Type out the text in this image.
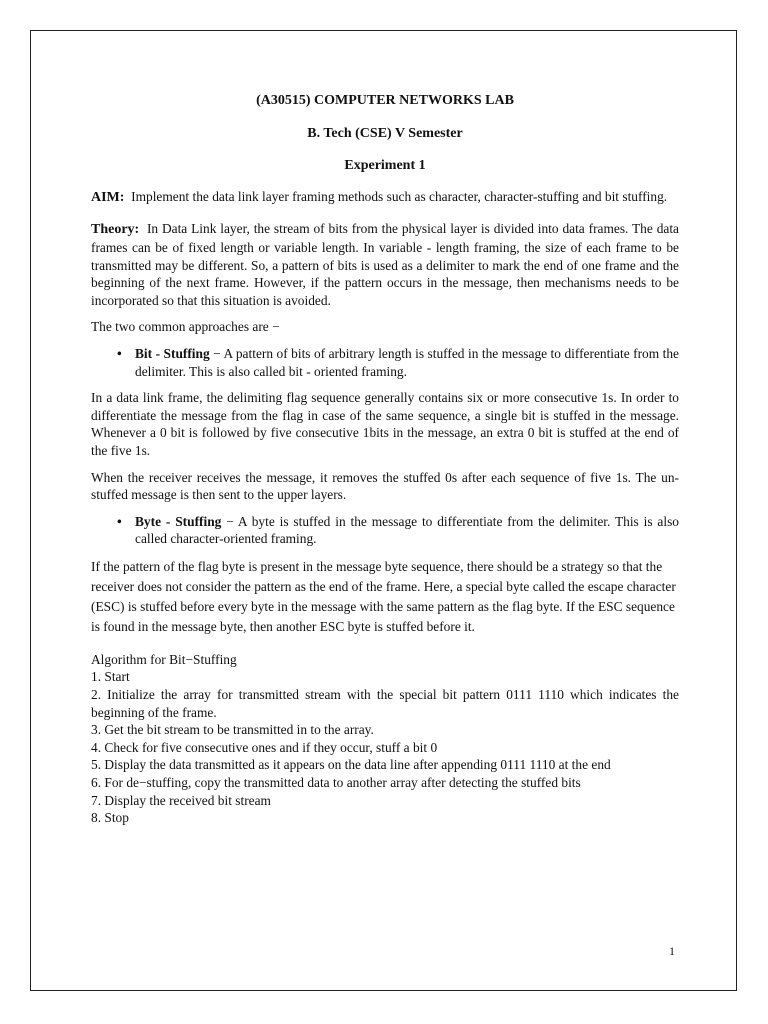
(A30515) COMPUTER NETWORKS LAB
B. Tech (CSE) V Semester
Experiment 1

AIM: Implement the data link layer framing methods such as character, character-stuffing and bit stuffing.

Theory: In Data Link layer, the stream of bits from the physical layer is divided into data frames. The data frames can be of fixed length or variable length. In variable - length framing, the size of each frame to be transmitted may be different. So, a pattern of bits is used as a delimiter to mark the end of one frame and the beginning of the next frame. However, if the pattern occurs in the message, then mechanisms needs to be incorporated so that this situation is avoided.

The two common approaches are −

• Bit - Stuffing − A pattern of bits of arbitrary length is stuffed in the message to differentiate from the delimiter. This is also called bit - oriented framing.

In a data link frame, the delimiting flag sequence generally contains six or more consecutive 1s. In order to differentiate the message from the flag in case of the same sequence, a single bit is stuffed in the message. Whenever a 0 bit is followed by five consecutive 1bits in the message, an extra 0 bit is stuffed at the end of the five 1s.

When the receiver receives the message, it removes the stuffed 0s after each sequence of five 1s. The un-stuffed message is then sent to the upper layers.

• Byte - Stuffing − A byte is stuffed in the message to differentiate from the delimiter. This is also called character-oriented framing.

If the pattern of the flag byte is present in the message byte sequence, there should be a strategy so that the receiver does not consider the pattern as the end of the frame. Here, a special byte called the escape character (ESC) is stuffed before every byte in the message with the same pattern as the flag byte. If the ESC sequence is found in the message byte, then another ESC byte is stuffed before it.

Algorithm for Bit−Stuffing
1. Start
2. Initialize the array for transmitted stream with the special bit pattern 0111 1110 which indicates the beginning of the frame.
3. Get the bit stream to be transmitted in to the array.
4. Check for five consecutive ones and if they occur, stuff a bit 0
5. Display the data transmitted as it appears on the data line after appending 0111 1110 at the end
6. For de−stuffing, copy the transmitted data to another array after detecting the stuffed bits
7. Display the received bit stream
8. Stop
1
